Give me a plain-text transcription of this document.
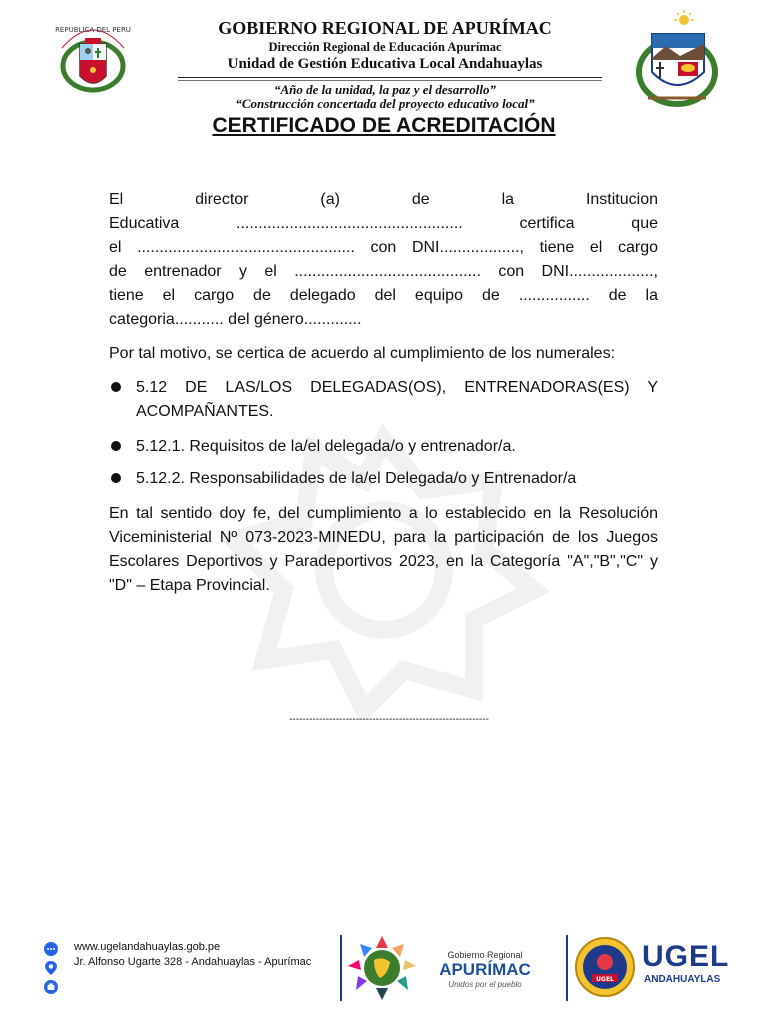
REPUBLICA DEL PERU	GOBIERNO REGIONAL DE APURÍMAC
Dirección Regional de Educación Apurímac
Unidad de Gestión Educativa Local Andahuaylas
“Año de la unidad, la paz y el desarrollo”
“Construcción concertada del proyecto educativo local”
CERTIFICADO DE ACREDITACIÓN
El director (a) de la Institucion
Educativa ................................................... certifica que
el ................................................. con DNI.................., tiene el cargo
de entrenador y el .......................................... con DNI...................,
tiene el cargo de delegado del equipo de ................ de la
categoria........... del género.............
Por tal motivo, se certica de acuerdo al cumplimiento de los numerales:
5.12 DE LAS/LOS DELEGADAS(OS), ENTRENADORAS(ES) Y ACOMPAÑANTES.
5.12.1. Requisitos de la/el delegada/o y entrenador/a.
5.12.2. Responsabilidades de la/el Delegada/o y Entrenador/a
En tal sentido doy fe, del cumplimiento a lo establecido en la Resolución Viceministerial Nº 073-2023-MINEDU, para la participación de los Juegos Escolares Deportivos y Paradeportivos 2023, en la Categoría "A","B","C" y "D" – Etapa Provincial.
------------------------------------------------------------
www.ugelandahuaylas.gob.pe
Jr. Alfonso Ugarte 328 - Andahuaylas - Apurímac
Gobierno Regional
APURÍMAC
Unidos por el pueblo
UGEL
UGEL
ANDAHUAYLAS
